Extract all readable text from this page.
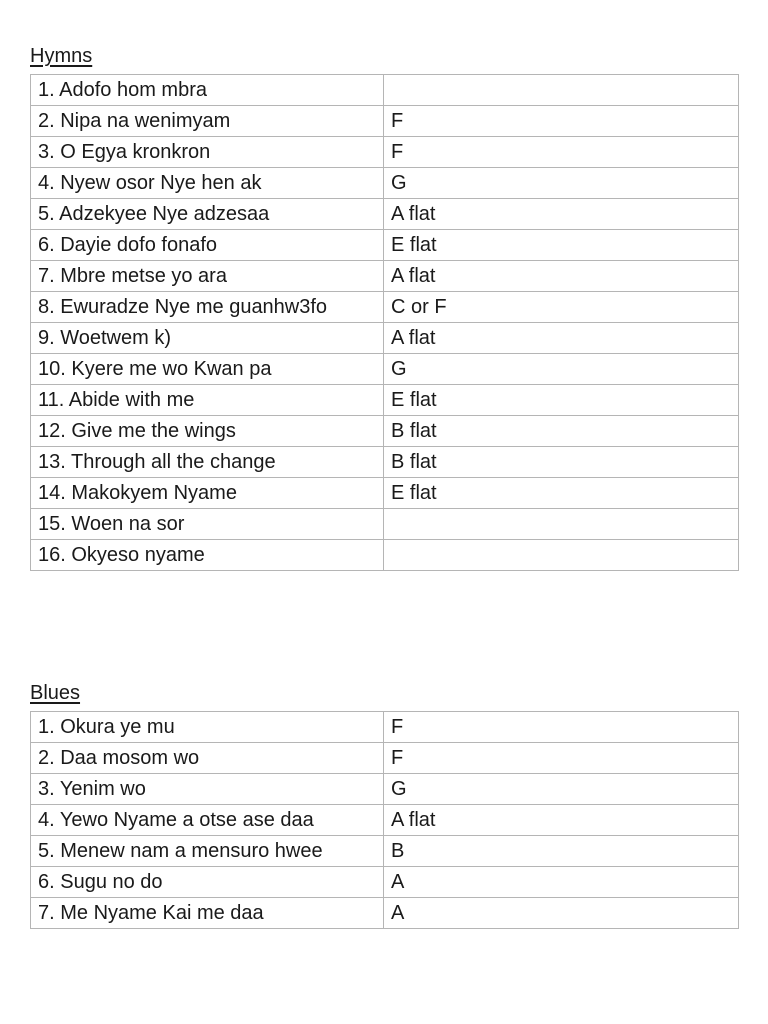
Hymns
1. Adofo hom mbra	
2. Nipa na wenimyam	F
3. O Egya kronkron	F
4. Nyew osor Nye hen ak	G
5. Adzekyee Nye adzesaa	A flat
6. Dayie dofo fonafo	E flat
7. Mbre metse yo ara	A flat
8. Ewuradze Nye me guanhw3fo	C or F
9. Woetwem k)	A flat
10. Kyere me wo Kwan pa	G
11. Abide with me	E flat
12. Give me the wings	B flat
13. Through all the change	B flat
14. Makokyem Nyame	E flat
15. Woen na sor	
16. Okyeso nyame	
Blues
1. Okura ye mu	F
2. Daa mosom wo	F
3. Yenim wo	G
4. Yewo Nyame a otse ase daa	A flat
5. Menew nam a mensuro hwee	B
6. Sugu no do	A
7. Me Nyame Kai me daa	A
